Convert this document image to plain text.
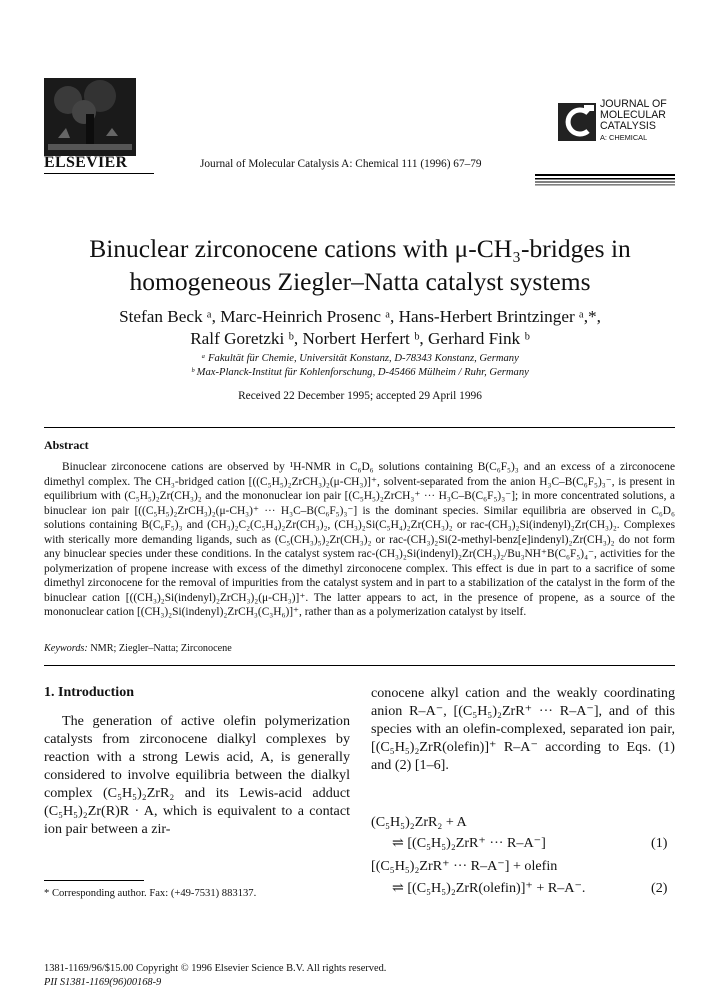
ELSEVIER	Journal of Molecular Catalysis A: Chemical 111 (1996) 67–79
JOURNAL OF
MOLECULAR
CATALYSIS
A: CHEMICAL
Binuclear zirconocene cations with μ-CH₃-bridges in
homogeneous Ziegler–Natta catalyst systems
Stefan Beck ᵃ, Marc-Heinrich Prosenc ᵃ, Hans-Herbert Brintzinger ᵃ,*,
Ralf Goretzki ᵇ, Norbert Herfert ᵇ, Gerhard Fink ᵇ
ᵃ Fakultät für Chemie, Universität Konstanz, D-78343 Konstanz, Germany
ᵇ Max-Planck-Institut für Kohlenforschung, D-45466 Mülheim / Ruhr, Germany
Received 22 December 1995; accepted 29 April 1996
Abstract

Binuclear zirconocene cations are observed by ¹H-NMR in C₆D₆ solutions containing B(C₆F₅)₃ and an excess of a zirconocene dimethyl complex. The CH₃-bridged cation [((C₅H₅)₂ZrCH₃)₂(μ-CH₃)]⁺, solvent-separated from the anion H₃C–B(C₆F₅)₃⁻, is present in equilibrium with (C₅H₅)₂Zr(CH₃)₂ and the mononuclear ion pair [(C₅H₅)₂ZrCH₃⁺ ··· H₃C–B(C₆F₅)₃⁻]; in more concentrated solutions, a binuclear ion pair [((C₅H₅)₂ZrCH₃)₂(μ-CH₃)⁺ ··· H₃C–B(C₆F₅)₃⁻] is the dominant species. Similar equilibria are observed in C₆D₆ solutions containing B(C₆F₅)₃ and (CH₃)₂C₂(C₅H₄)₂Zr(CH₃)₂, (CH₃)₂Si(C₅H₄)₂Zr(CH₃)₂ or rac-(CH₃)₂Si(indenyl)₂Zr(CH₃)₂. Complexes with sterically more demanding ligands, such as (C₅(CH₃)₅)₂Zr(CH₃)₂ or rac-(CH₃)₂Si(2-methyl-benz[e]indenyl)₂Zr(CH₃)₂ do not form any binuclear species under these conditions. In the catalyst system rac-(CH₃)₂Si(indenyl)₂Zr(CH₃)₂/Bu₃NH⁺B(C₆F₅)₄⁻, activities for the polymerization of propene increase with excess of the dimethyl zirconocene complex. This effect is due in part to a sacrifice of some dimethyl zirconocene for the removal of impurities from the catalyst system and in part to a stabilization of the catalyst in the form of the binuclear cation [((CH₃)₂Si(indenyl)₂ZrCH₃)₂(μ-CH₃)]⁺. The latter appears to act, in the presence of propene, as a source of the mononuclear cation [(CH₃)₂Si(indenyl)₂ZrCH₃(C₃H₆)]⁺, rather than as a polymerization catalyst by itself.

Keywords: NMR; Ziegler–Natta; Zirconocene
1. Introduction

The generation of active olefin polymerization catalysts from zirconocene dialkyl complexes by reaction with a strong Lewis acid, A, is generally considered to involve equilibria between the dialkyl complex (C₅H₅)₂ZrR₂ and its Lewis-acid adduct (C₅H₅)₂Zr(R)R · A, which is equivalent to a contact ion pair between a zir-

conocene alkyl cation and the weakly coordinating anion R–A⁻, [(C₅H₅)₂ZrR⁺ ··· R–A⁻], and of this species with an olefin-complexed, separated ion pair, [(C₅H₅)₂ZrR(olefin)]⁺ R–A⁻ according to Eqs. (1) and (2) [1–6].

(C₅H₅)₂ZrR₂ + A
⇌ [(C₅H₅)₂ZrR⁺ ··· R–A⁻]	(1)
[(C₅H₅)₂ZrR⁺ ··· R–A⁻] + olefin
⇌ [(C₅H₅)₂ZrR(olefin)]⁺ + R–A⁻.	(2)
* Corresponding author. Fax: (+49-7531) 883137.
1381-1169/96/$15.00 Copyright © 1996 Elsevier Science B.V. All rights reserved.
PII S1381-1169(96)00168-9
